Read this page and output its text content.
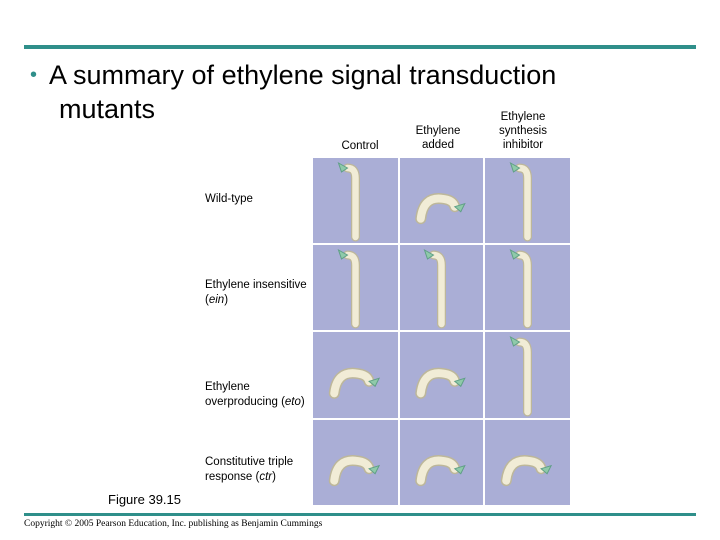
• A summary of ethylene signal transduction
mutants
Control
Ethylene
added
Ethylene
synthesis
inhibitor
Wild-type
Ethylene insensitive
(ein)
Ethylene
overproducing (eto)
Constitutive triple
response (ctr)
Figure 39.15
Copyright © 2005 Pearson Education, Inc. publishing as Benjamin Cummings
